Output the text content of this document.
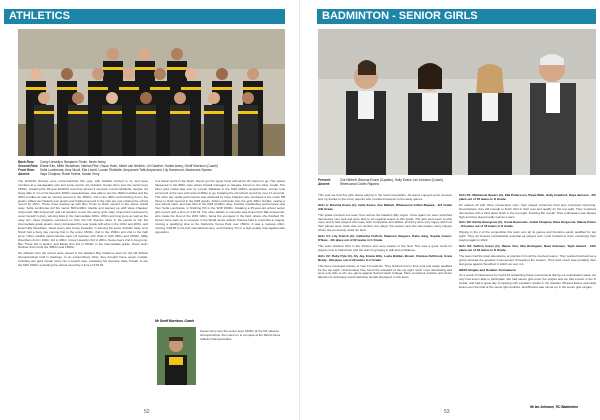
ATHLETICS
Back Row:	Corey Llewellyn, Benjamin Tinnie, Nevie Avery
Second Row: Eloise Kim, Millie Woodham, Nathan Pike, Oscar Holm, Albert van Niekerk, Lili Gardner, Hunter Avery, Geoff Morrison (Coach)
Front Row:	Sofia Lumbreras, Amy Nicoll, Ella Lovett, Lorcan Riddiotte, Ampornsiri Tabi-Ampornsiri, Lily Hammond, Mackenzie Spears
Absent:	Vaya Chaplow, Rosie Keeha, Kanan Verry

The ECNISS champs were Cord-restricted this year, with bubbles formed to try and keep numbers at a manageable size and some events not included. Kenan Verry won the senior boys 1500m, breaking the 18-year ECNISS record by almost 3 seconds. Lorcan Riddiotte, despite not being able to run in his favourite 3000m steeplechase, was able to win the 1500m hurdles and the 300m hurdles as well as running second in the 3000m, 2nd in the 400m and finishing 2nd in the javelin. Albert van Niekerk won javelin and finished second in the shot put, just missing the school record by 15cm. These three teamed up with Ben Tinnie to finish second in the senior 4x100 relay. Sofia Lumbreras did the senior 800m/400m double and teamed up with Vaya Chaplow, Ampornsiri Tabi-Ampornsiri and Lili Gardner to win the senior girls relay. Ampornsiri continued to cover herself in glory, winning titles in the intermediate 100m, 200m and long jump as well as the relay win. Vaya Chaplow continued on from her NZ champs silver in the javelin to win the intermediate grade javelin. Avery dominated the year grade with wins in the 100m and 200m, and Emeil Hilly Woodham, Nevie Avery and Corey Llewellyn in winning the junior 4x100m relay. Amy Nicoll had a busy day coming first in the junior 1500m, 2nd in the 1500m and 2nd in the high jump. Other notable performances were Lili Gardner with 2nds in both 800m and 1500m, Millie Woodham 2nd in 100m, 3rd in 200m, Corey Llewellyn 3rd in 200m, Nevie Avery 2nd in long jump, Ben Tinnie 3rd in javelin, and Eloise Kim 3rd in 1500m in the intermediate grade, Oscar Holm finished 3rd in both the 3000m and 1500m.

Six athletes from the school were named in the Hawke's Bay Gisborne team for the NZ athletic championships held in Hastings. In an extraordinary effort, they brought home seven medals, including two gold. Kenan Verry ran a superb race, outlasting hot favourite Zane Powell, to win the M20 1500m smashing the school record by a time of 3:54.81.

In a titanic sprint to the finish, Kenan got the upper hand with about 30 metres to go. The upsets happened in the 800m race where Powell managed to relegate Kenan to the silver medal. The other gold medal was won by Lorcan Riddiotte in the M18 2000m steeplechase. Lorcan took command of the race with around 450m to go, breaking the old school record by over 17 seconds. The other top medal performance was achieved by Vaya Chaplow who produced a five metre PB throw to finish second in the M18 javelin. Sofia Lumbreras won the girls 400m hurdles, setting a new school mark, and was third in the M18 4x100m relay. Another outstanding performance was from Sofia Lumbreras, in finishing 6th in the W18 1500m, breaking a 35-year-old school senior girls record with a time of 4:32.03. The other athlete to compete was Ampornsiri Tabi-Ampornsiri, who made the final of the W16 100m, being the youngest in the field, where she finished 7th. Kenan Verry went on to compete in the World Junior athletic champs held in Colombia in August, running a qualifying time at the Karlsruhe Kenya Park over 1500m. It was a massive effort, running 3:48.36 in his first international race, and finishing 7th in a high quality final against elite opposition.

Mr Geoff Morrison, Coach
Kenan Verry won the senior boys 1500m at the NZ national championships, then went on to compete at the World Junior Athletic Championships.
52
BADMINTON - SENIOR GIRLS
Present:	Zoe Nibbett, Brianna Evans (Captain), Holly Evans, Ian Johnson (Coach)
Absent:	Whenuaroa Collier-Rapaea

This year we had five girls teams playing in the local competition. All teams enjoyed some success and my thanks to the many parents who provided transport to the away games.

Girls A: Brianna Evans (C), Holly Evans, Zoe Nibbett, Whenuaroa Collier-Rapaea - 3rd Grade A/B Grade.

This grade involved one team from across the Hawke's Bay region. Once again our team stretched themselves very well and were able to win against teams at this grade. The girls were keen to play more and to face players who were both competitive and skilled, and they were very happy with how their games went. Holly was our number one player this season and she has beaten many players whom she previously could not beat.

Girls C1: Lily French (C), Catherine Fulford, Shannon Sawyers, Katie Jung, Sophie Comer-O'Hare - 4th place out of 22 teams in C Grade.

This team finished third in the division and were beaten in the final. This was a great result for players new to badminton and the team is growing in skill and confidence.

Girls C2: Ruby Pyle (C), Aly Jay, Emma Ellis, Lucia Biddies Brown, Chelsea Fullbrook, Greta Brady - 8th place out of 22 teams in C Grade.

This team consisted entirely of Year 10 students. They finished 2nd in their pool and easily qualified for the top eight. Unfortunately they found the standard of the top eight much more demanding and were only able to win one game against Sacred Heart College. More consistent practice and closer attention to technique would definitely benefit all players in this team.

Girls D1: Mackenzie Spears (C), Ella Pettersson, Pippa Wills, Holly Crawford, Kaya Janssen - 5th place out of 18 teams in D Grade.

D1 started off with three consecutive wins, then played extremely hard and continued improving. Nevertheless, they did enough to finish third in their pool and qualify for the top eight. They surprised themselves with a third place finish in the top eight, finishing 5th overall. Their enthusiasm was always high and they played really well as a team.

Girls D2: Emilie Bourgeois (C), Conal Bouresais, Isabel Chaplow, Eliza Kingscote, Maisie Potter - 3rd place out of 18 teams in D Grade.

Playing in the 2 of the competition this team won all its games and therefore easily qualified for top eight. They all showed considerable potential as players and I look forward to them continuing their playing again in 2022.

Girls D3: Saffron Green (C), Ranee Viss, Ella Rodriguez, Naxe Bowmen, Tayla Hazard - 10th place out of 18 teams in D Grade.

The team had the least attendance at practice from all the involved teams. They worked hard and as a group showed the greatest improvement throughout the season. Their best result was probably their last game against Woodford 2 which we won 4-1.

HBSS Singles and Doubles Tournament

As a result of interference by Covid-19 scheduling these tournaments during our examination week, we only had seven able to participate. We had eleven girls enter the singles and we had a team in the D Grade, and had a great day competing with excellent results in the doubles. Brianna Evans and Holly Evans won the final of the senior girls doubles, and Brianna was runner-up in the senior girls singles.

Mr Ian Johnson, TIC Badminton
53
